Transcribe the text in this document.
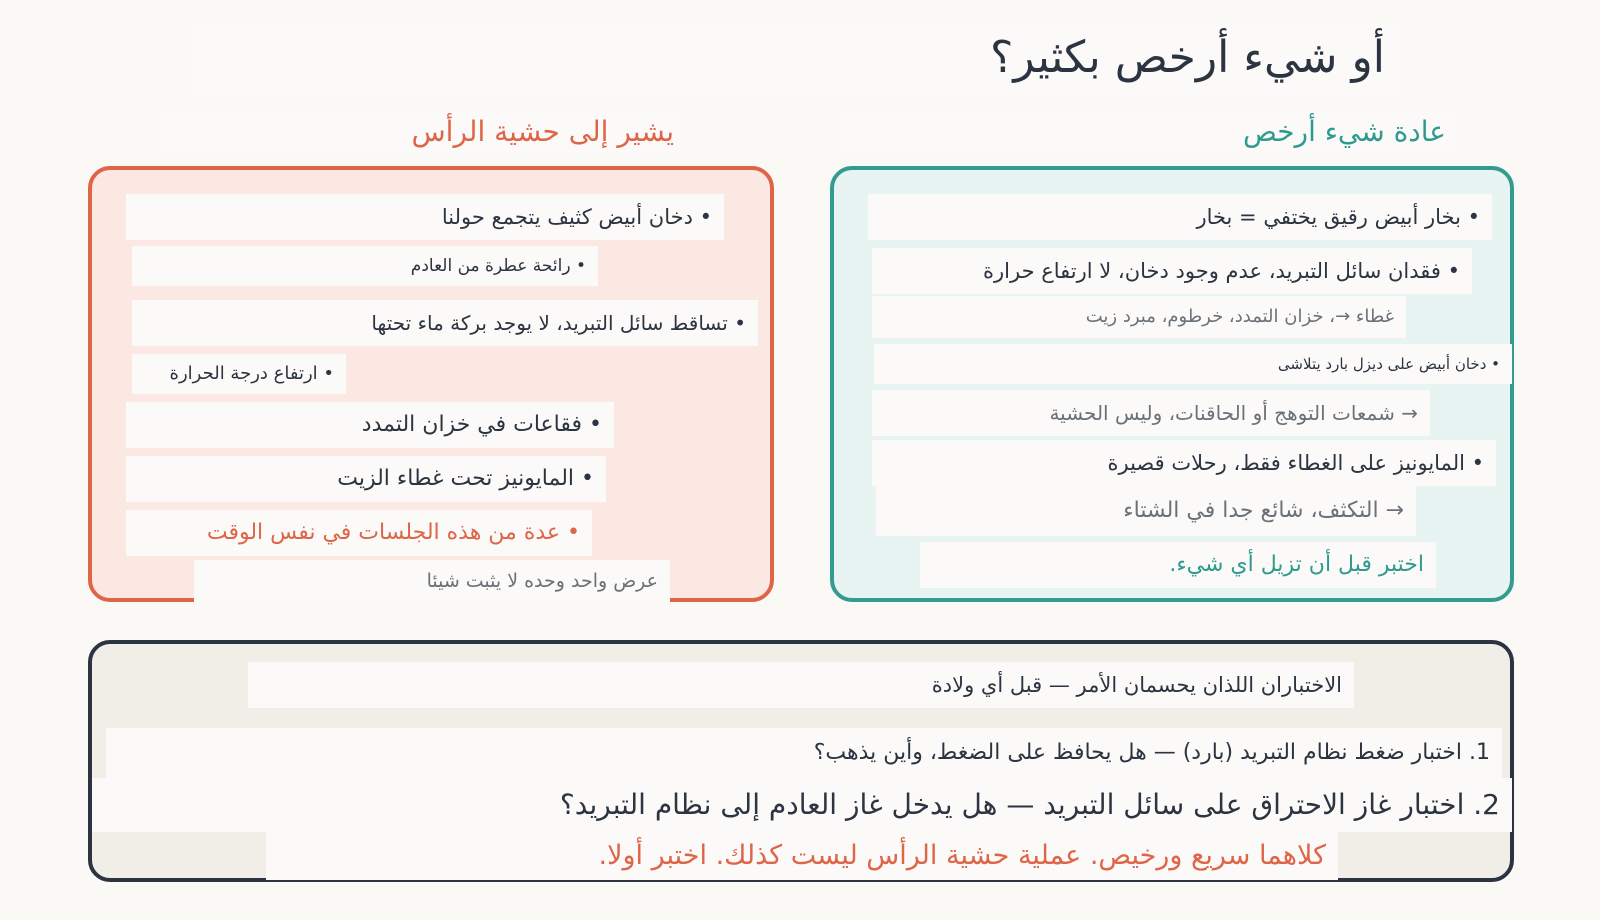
أو شيء أرخص بكثير؟
يشير إلى حشية الرأس	عادة شيء أرخص
• دخان أبيض كثيف يتجمع حولنا
• رائحة عطرة من العادم
• تساقط سائل التبريد، لا يوجد بركة ماء تحتها
• ارتفاع درجة الحرارة
• فقاعات في خزان التمدد
• المايونيز تحت غطاء الزيت
• عدة من هذه الجلسات في نفس الوقت
عرض واحد وحده لا يثبت شيئا
• بخار أبيض رقيق يختفي = بخار
• فقدان سائل التبريد، عدم وجود دخان، لا ارتفاع حرارة
غطاء →، خزان التمدد، خرطوم، مبرد زيت
• دخان أبيض على ديزل بارد يتلاشى
→ شمعات التوهج أو الحاقنات، وليس الحشية
• المايونيز على الغطاء فقط، رحلات قصيرة
→ التكثف، شائع جدا في الشتاء
اختبر قبل أن تزيل أي شيء.
الاختباران اللذان يحسمان الأمر — قبل أي ولادة
1. اختبار ضغط نظام التبريد (بارد) — هل يحافظ على الضغط، وأين يذهب؟
2. اختبار غاز الاحتراق على سائل التبريد — هل يدخل غاز العادم إلى نظام التبريد؟
كلاهما سريع ورخيص. عملية حشية الرأس ليست كذلك. اختبر أولا.
